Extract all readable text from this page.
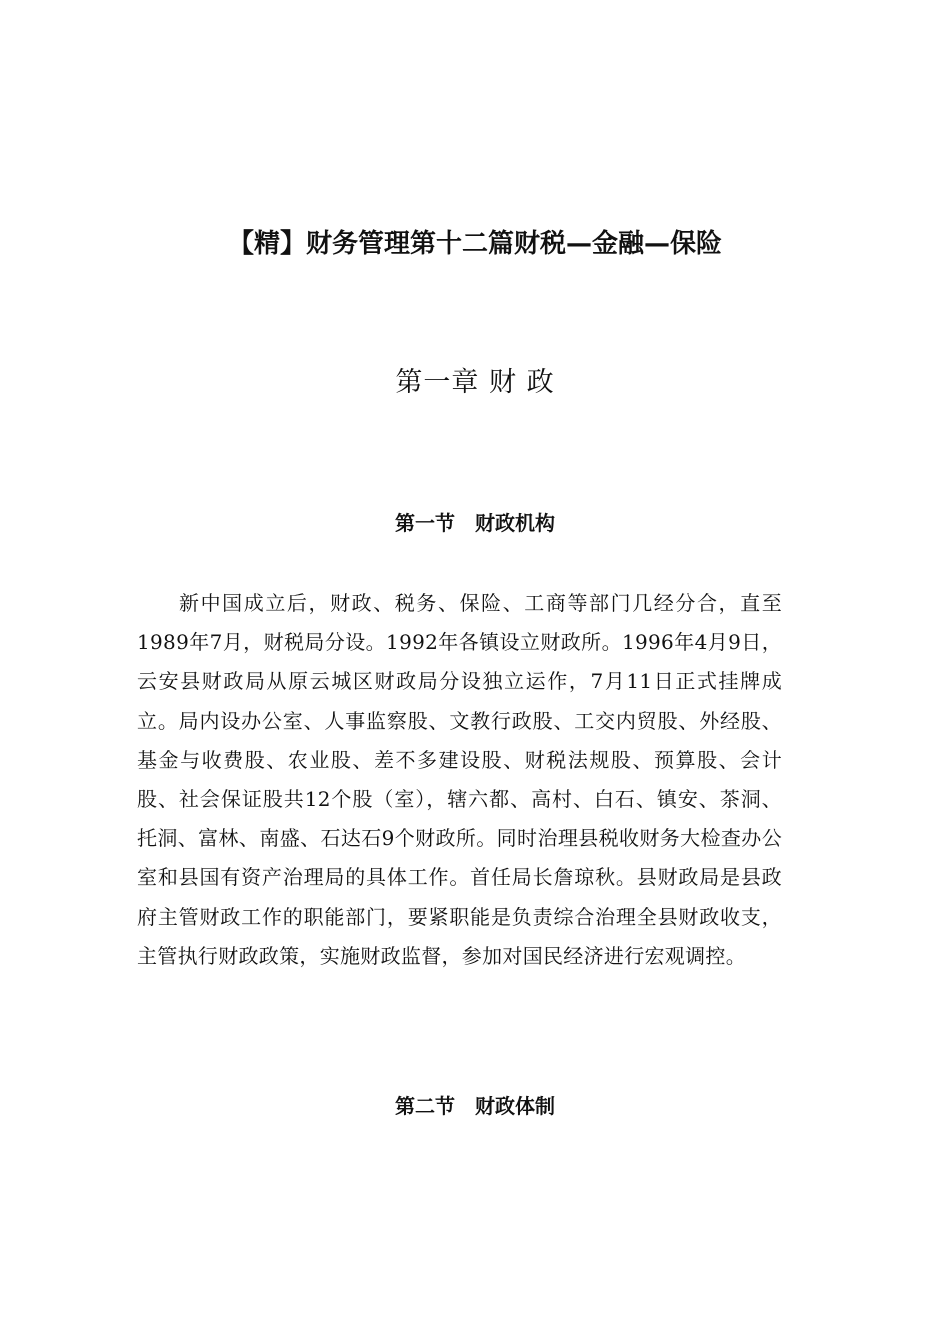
【精】财务管理第十二篇财税—金融—保险
第一章 财 政
第一节　财政机构

新中国成立后，财政、税务、保险、工商等部门几经分合，直至1989年7月，财税局分设。1992年各镇设立财政所。1996年4月9日，云安县财政局从原云城区财政局分设独立运作，7月11日正式挂牌成立。局内设办公室、人事监察股、文教行政股、工交内贸股、外经股、基金与收费股、农业股、差不多建设股、财税法规股、预算股、会计股、社会保证股共12个股（室），辖六都、高村、白石、镇安、茶洞、托洞、富林、南盛、石达石9个财政所。同时治理县税收财务大检查办公室和县国有资产治理局的具体工作。首任局长詹琼秋。县财政局是县政府主管财政工作的职能部门，要紧职能是负责综合治理全县财政收支，主管执行财政政策，实施财政监督，参加对国民经济进行宏观调控。

第二节　财政体制
